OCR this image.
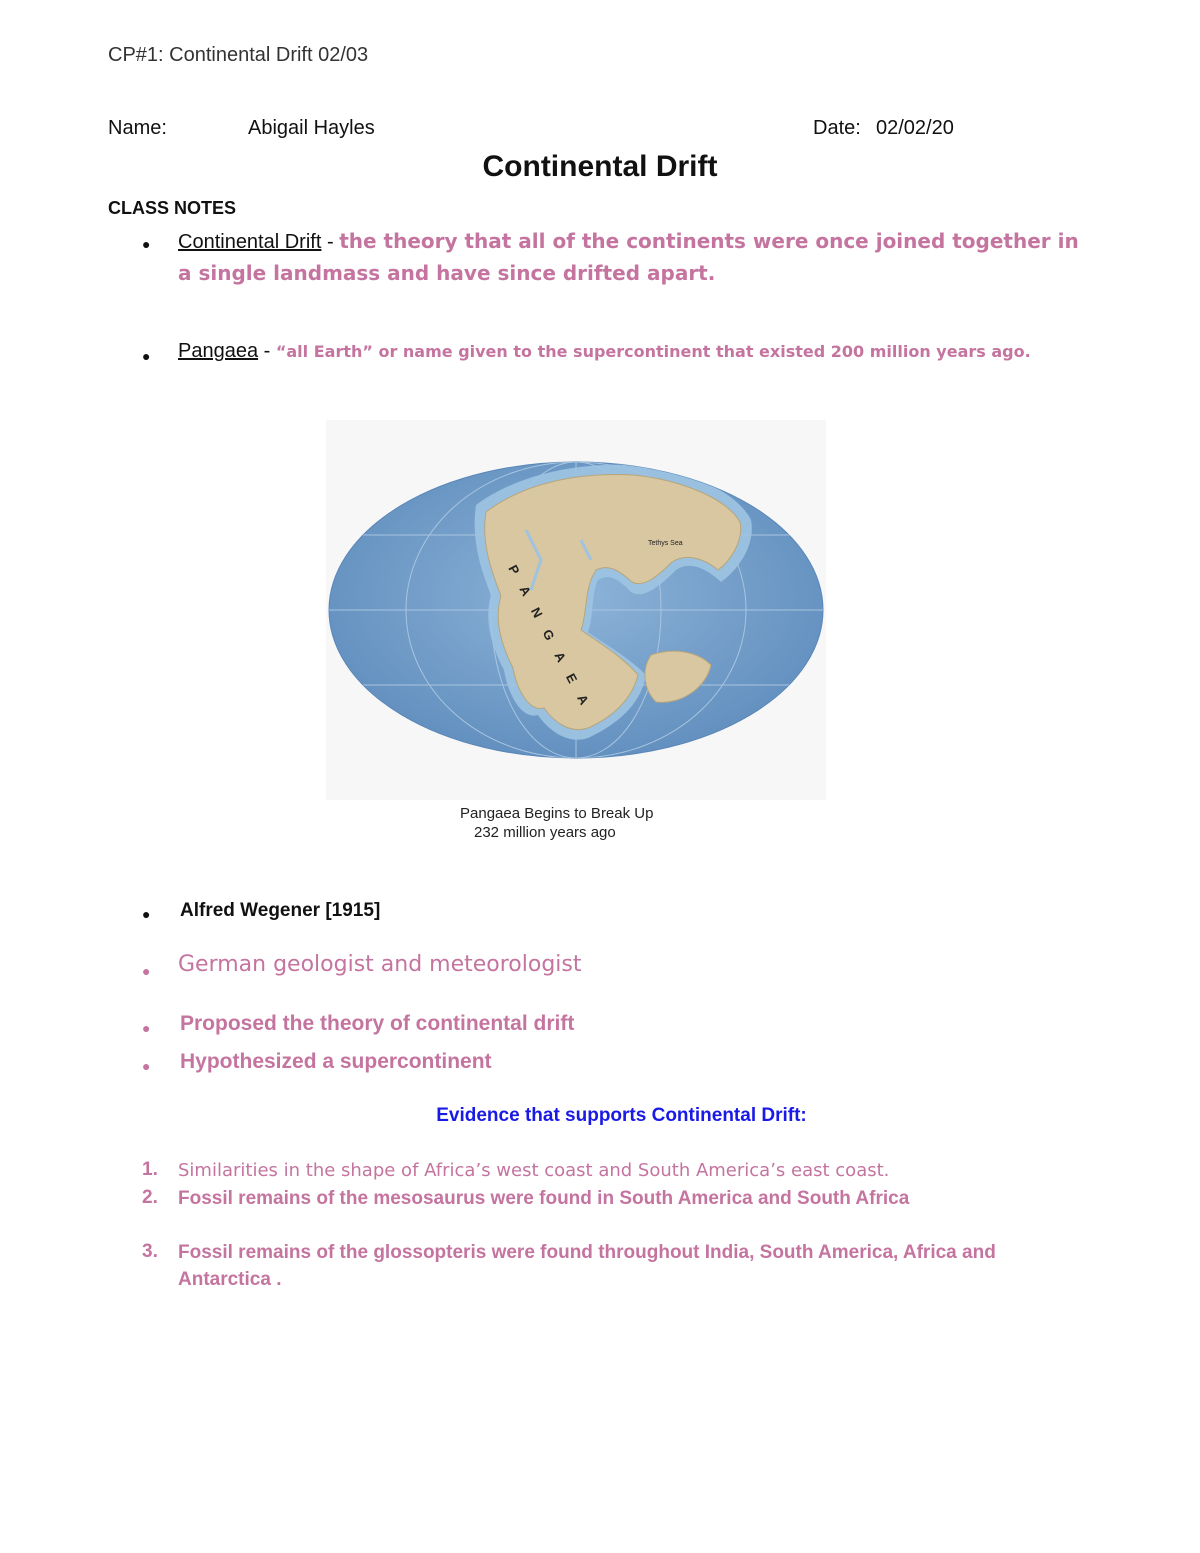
CP#1: Continental Drift 02/03
Name:	Abigail Hayles	Date: 02/02/20
Continental Drift
CLASS NOTES
● Continental Drift - the theory that all of the continents were once joined together in a single landmass and have since drifted apart.
● Pangaea - “all Earth” or name given to the supercontinent that existed 200 million years ago.
P A N G A E A
Tethys Sea
Pangaea Begins to Break Up
232 million years ago
● Alfred Wegener [1915]
● German geologist and meteorologist
● Proposed the theory of continental drift
● Hypothesized a supercontinent
Evidence that supports Continental Drift:
1. Similarities in the shape of Africa’s west coast and South America’s east coast.
2. Fossil remains of the mesosaurus were found in South America and South Africa
3. Fossil remains of the glossopteris were found throughout India, South America, Africa and Antarctica .
